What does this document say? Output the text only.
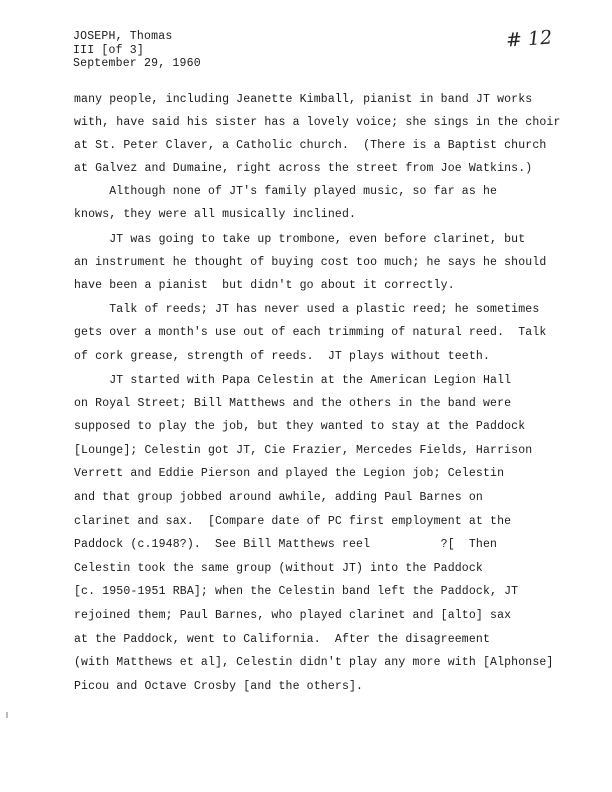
JOSEPH, Thomas
III [of 3]
September 29, 1960
# 12
many people, including Jeanette Kimball, pianist in band JT works
with, have said his sister has a lovely voice; she sings in the choir
at St. Peter Claver, a Catholic church.  (There is a Baptist church
at Galvez and Dumaine, right across the street from Joe Watkins.)
Although none of JT's family played music, so far as he
knows, they were all musically inclined.
JT was going to take up trombone, even before clarinet, but
an instrument he thought of buying cost too much; he says he should
have been a pianist  but didn't go about it correctly.
Talk of reeds; JT has never used a plastic reed; he sometimes
gets over a month's use out of each trimming of natural reed.  Talk
of cork grease, strength of reeds.  JT plays without teeth.
JT started with Papa Celestin at the American Legion Hall
on Royal Street; Bill Matthews and the others in the band were
supposed to play the job, but they wanted to stay at the Paddock
[Lounge]; Celestin got JT, Cie Frazier, Mercedes Fields, Harrison
Verrett and Eddie Pierson and played the Legion job; Celestin
and that group jobbed around awhile, adding Paul Barnes on
clarinet and sax.  [Compare date of PC first employment at the
Paddock (c.1948?).  See Bill Matthews reel          ?[  Then
Celestin took the same group (without JT) into the Paddock
[c. 1950-1951 RBA]; when the Celestin band left the Paddock, JT
rejoined them; Paul Barnes, who played clarinet and [alto] sax
at the Paddock, went to California.  After the disagreement
(with Matthews et al], Celestin didn't play any more with [Alphonse]
Picou and Octave Crosby [and the others].
